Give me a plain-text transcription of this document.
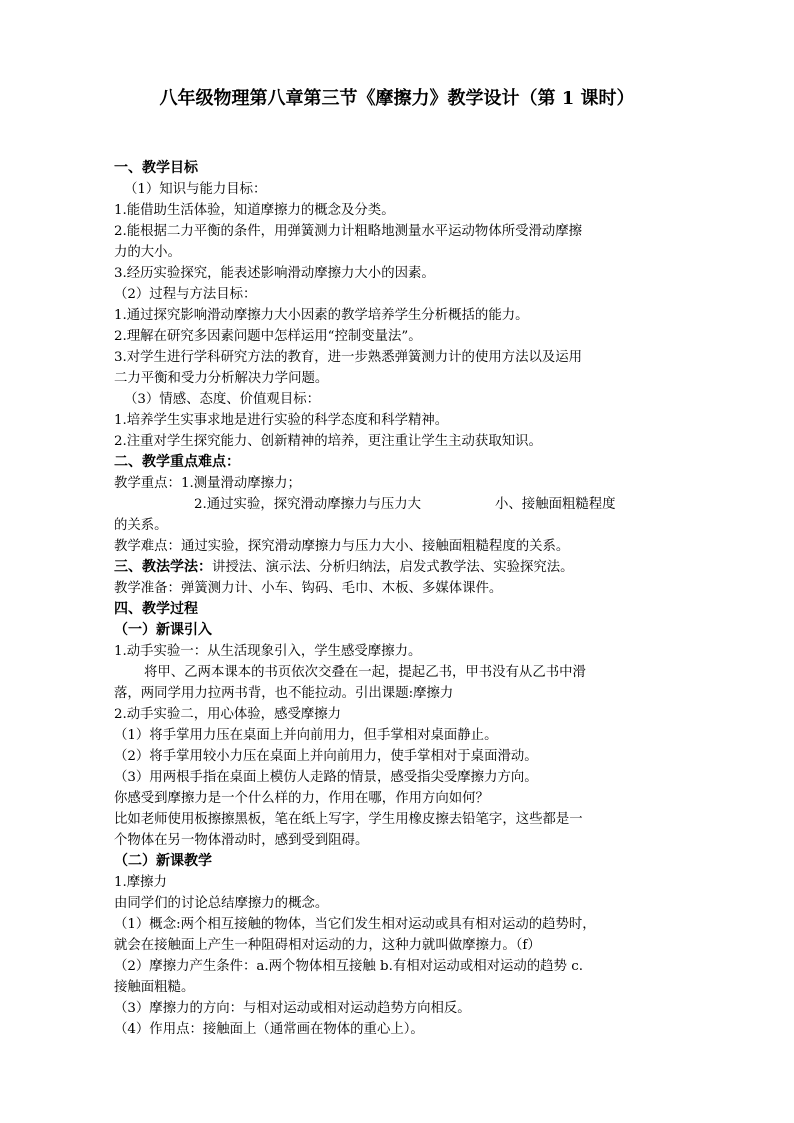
八年级物理第八章第三节《摩擦力》教学设计（第 1 课时）
一、教学目标
（1）知识与能力目标：
1.能借助生活体验，知道摩擦力的概念及分类。
2.能根据二力平衡的条件，用弹簧测力计粗略地测量水平运动物体所受滑动摩擦
力的大小。
3.经历实验探究，能表述影响滑动摩擦力大小的因素。
（2）过程与方法目标：
1.通过探究影响滑动摩擦力大小因素的教学培养学生分析概括的能力。
2.理解在研究多因素问题中怎样运用“控制变量法”。
3.对学生进行学科研究方法的教育，进一步熟悉弹簧测力计的使用方法以及运用
二力平衡和受力分析解决力学问题。
（3）情感、态度、价值观目标：
1.培养学生实事求地是进行实验的科学态度和科学精神。
2.注重对学生探究能力、创新精神的培养，更注重让学生主动获取知识。
二、教学重点难点：
教学重点：1.测量滑动摩擦力；
2.通过实验，探究滑动摩擦力与压力大	小、接触面粗糙程度
的关系。
教学难点：通过实验，探究滑动摩擦力与压力大小、接触面粗糙程度的关系。
三、教法学法：讲授法、演示法、分析归纳法，启发式教学法、实验探究法。
教学准备：弹簧测力计、小车、钩码、毛巾、木板、多媒体课件。
四、教学过程
（一）新课引入
1.动手实验一：从生活现象引入，学生感受摩擦力。
将甲、乙两本课本的书页依次交叠在一起，提起乙书，甲书没有从乙书中滑
落，两同学用力拉两书背，也不能拉动。引出课题:摩擦力
2.动手实验二，用心体验，感受摩擦力
（1）将手掌用力压在桌面上并向前用力，但手掌相对桌面静止。
（2）将手掌用较小力压在桌面上并向前用力，使手掌相对于桌面滑动。
（3）用两根手指在桌面上模仿人走路的情景，感受指尖受摩擦力方向。
你感受到摩擦力是一个什么样的力，作用在哪，作用方向如何？
比如老师使用板擦擦黑板，笔在纸上写字，学生用橡皮擦去铅笔字，这些都是一
个物体在另一物体滑动时，感到受到阻碍。
（二）新课教学
1.摩擦力
由同学们的讨论总结摩擦力的概念。
（1）概念:两个相互接触的物体，当它们发生相对运动或具有相对运动的趋势时，
就会在接触面上产生一种阻碍相对运动的力，这种力就叫做摩擦力。（f）
（2）摩擦力产生条件：a.两个物体相互接触 b.有相对运动或相对运动的趋势 c.
接触面粗糙。
（3）摩擦力的方向：与相对运动或相对运动趋势方向相反。
（4）作用点：接触面上（通常画在物体的重心上）。
